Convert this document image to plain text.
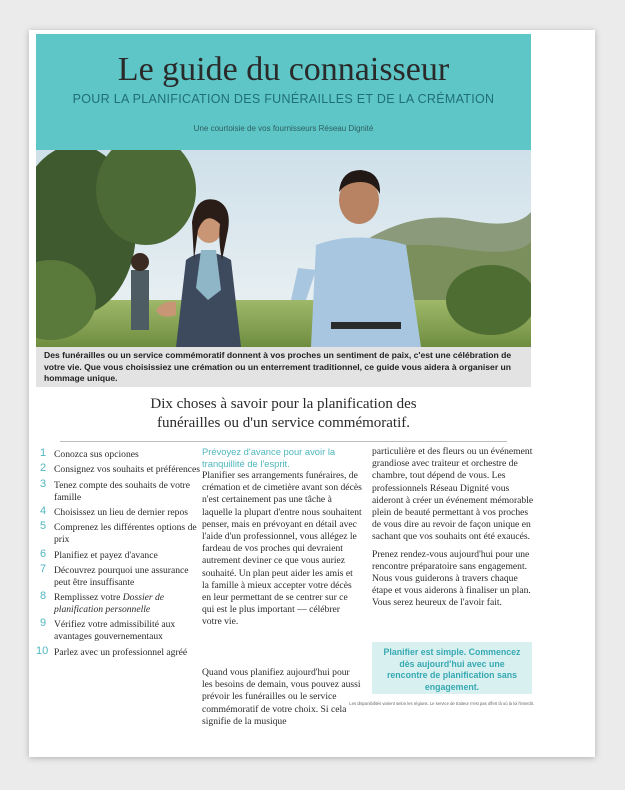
Le guide du connaisseur
POUR LA PLANIFICATION DES FUNÉRAILLES ET DE LA CRÉMATION
Une courtoisie de vos fournisseurs Réseau Dignité
Des funérailles ou un service commémoratif donnent à vos proches un sentiment de paix, c'est une célébration de votre vie. Que vous choisissiez une crémation ou un enterrement traditionnel, ce guide vous aidera à organiser un hommage unique.
Dix choses à savoir pour la planification des
funérailles ou d'un service commémoratif.
1 Conozca sus opciones
2 Consignez vos souhaits et préférences
3 Tenez compte des souhaits de votre famille
4 Choisissez un lieu de dernier repos
5 Comprenez les différentes options de prix
6 Planifiez et payez d'avance
7 Découvrez pourquoi une assurance peut être insuffisante
8 Remplissez votre Dossier de planification personnelle
9 Vérifiez votre admissibilité aux avantages gouvernementaux
10 Parlez avec un professionnel agréé
Prévoyez d'avance pour avoir la tranquillité de l'esprit.

Planifier ses arrangements funéraires, de crémation et de cimetière avant son décès n'est certainement pas une tâche à laquelle la plupart d'entre nous souhaitent penser, mais en prévoyant en détail avec l'aide d'un professionnel, vous allégez le fardeau de vos proches qui devraient autrement deviner ce que vous auriez souhaité. Un plan peut aider les amis et la famille à mieux accepter votre décès en leur permettant de se centrer sur ce qui est le plus important — célébrer votre vie.

Quand vous planifiez aujourd'hui pour les besoins de demain, vous pouvez aussi prévoir les funérailles ou le service commémoratif de votre choix. Si cela signifie de la musique

particulière et des fleurs ou un événement grandiose avec traiteur et orchestre de chambre, tout dépend de vous. Les professionnels Réseau Dignité vous aideront à créer un événement mémorable plein de beauté permettant à vos proches de vous dire au revoir de façon unique en sachant que vos souhaits ont été exaucés.

Prenez rendez-vous aujourd'hui pour une rencontre préparatoire sans engagement. Nous vous guiderons à travers chaque étape et vous aiderons à finaliser un plan. Vous serez heureux de l'avoir fait.

Planifier est simple. Commencez dès aujourd'hui avec une rencontre de planification sans engagement.
Les disponibilités varient selon les régions. Le service de traiteur n'est pas offert là où la loi l'interdit.
